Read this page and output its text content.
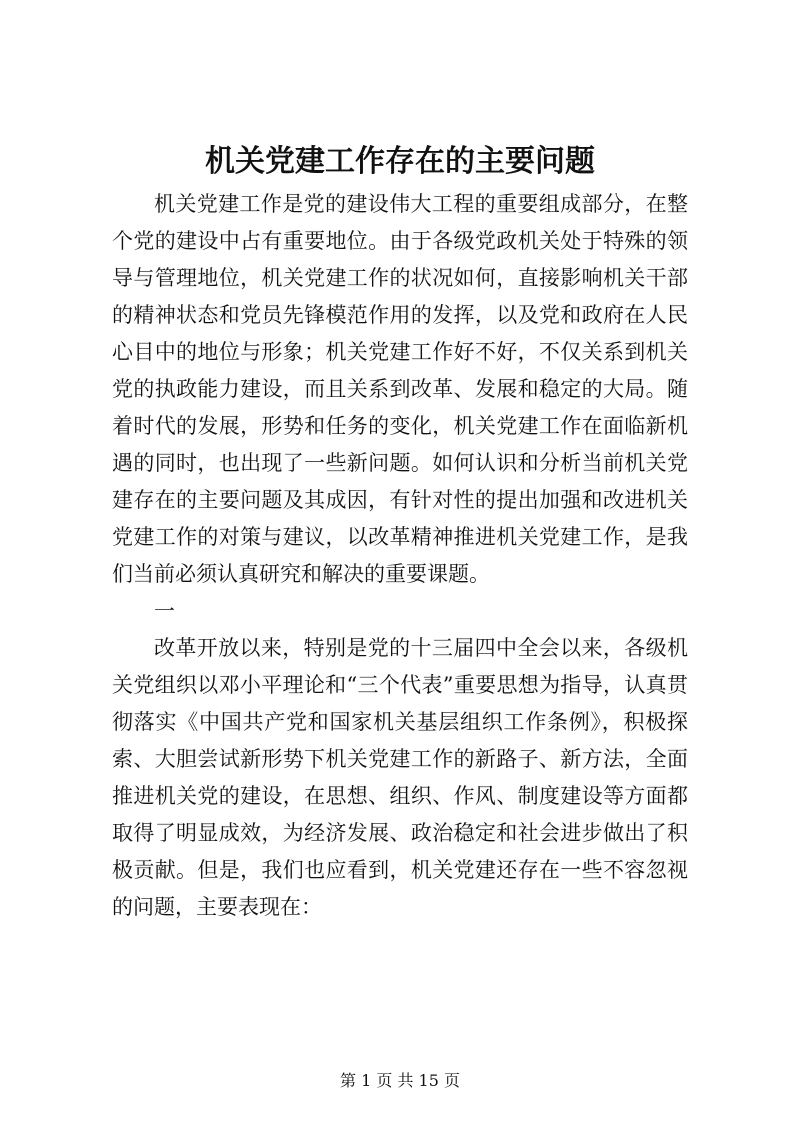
机关党建工作存在的主要问题

机关党建工作是党的建设伟大工程的重要组成部分，在整个党的建设中占有重要地位。由于各级党政机关处于特殊的领导与管理地位，机关党建工作的状况如何，直接影响机关干部的精神状态和党员先锋模范作用的发挥，以及党和政府在人民心目中的地位与形象；机关党建工作好不好，不仅关系到机关党的执政能力建设，而且关系到改革、发展和稳定的大局。随着时代的发展，形势和任务的变化，机关党建工作在面临新机遇的同时，也出现了一些新问题。如何认识和分析当前机关党建存在的主要问题及其成因，有针对性的提出加强和改进机关党建工作的对策与建议，以改革精神推进机关党建工作，是我们当前必须认真研究和解决的重要课题。

一

改革开放以来，特别是党的十三届四中全会以来，各级机关党组织以邓小平理论和“三个代表”重要思想为指导，认真贯彻落实《中国共产党和国家机关基层组织工作条例》，积极探索、大胆尝试新形势下机关党建工作的新路子、新方法，全面推进机关党的建设，在思想、组织、作风、制度建设等方面都取得了明显成效，为经济发展、政治稳定和社会进步做出了积极贡献。但是，我们也应看到，机关党建还存在一些不容忽视的问题，主要表现在：

第 1 页 共 15 页
